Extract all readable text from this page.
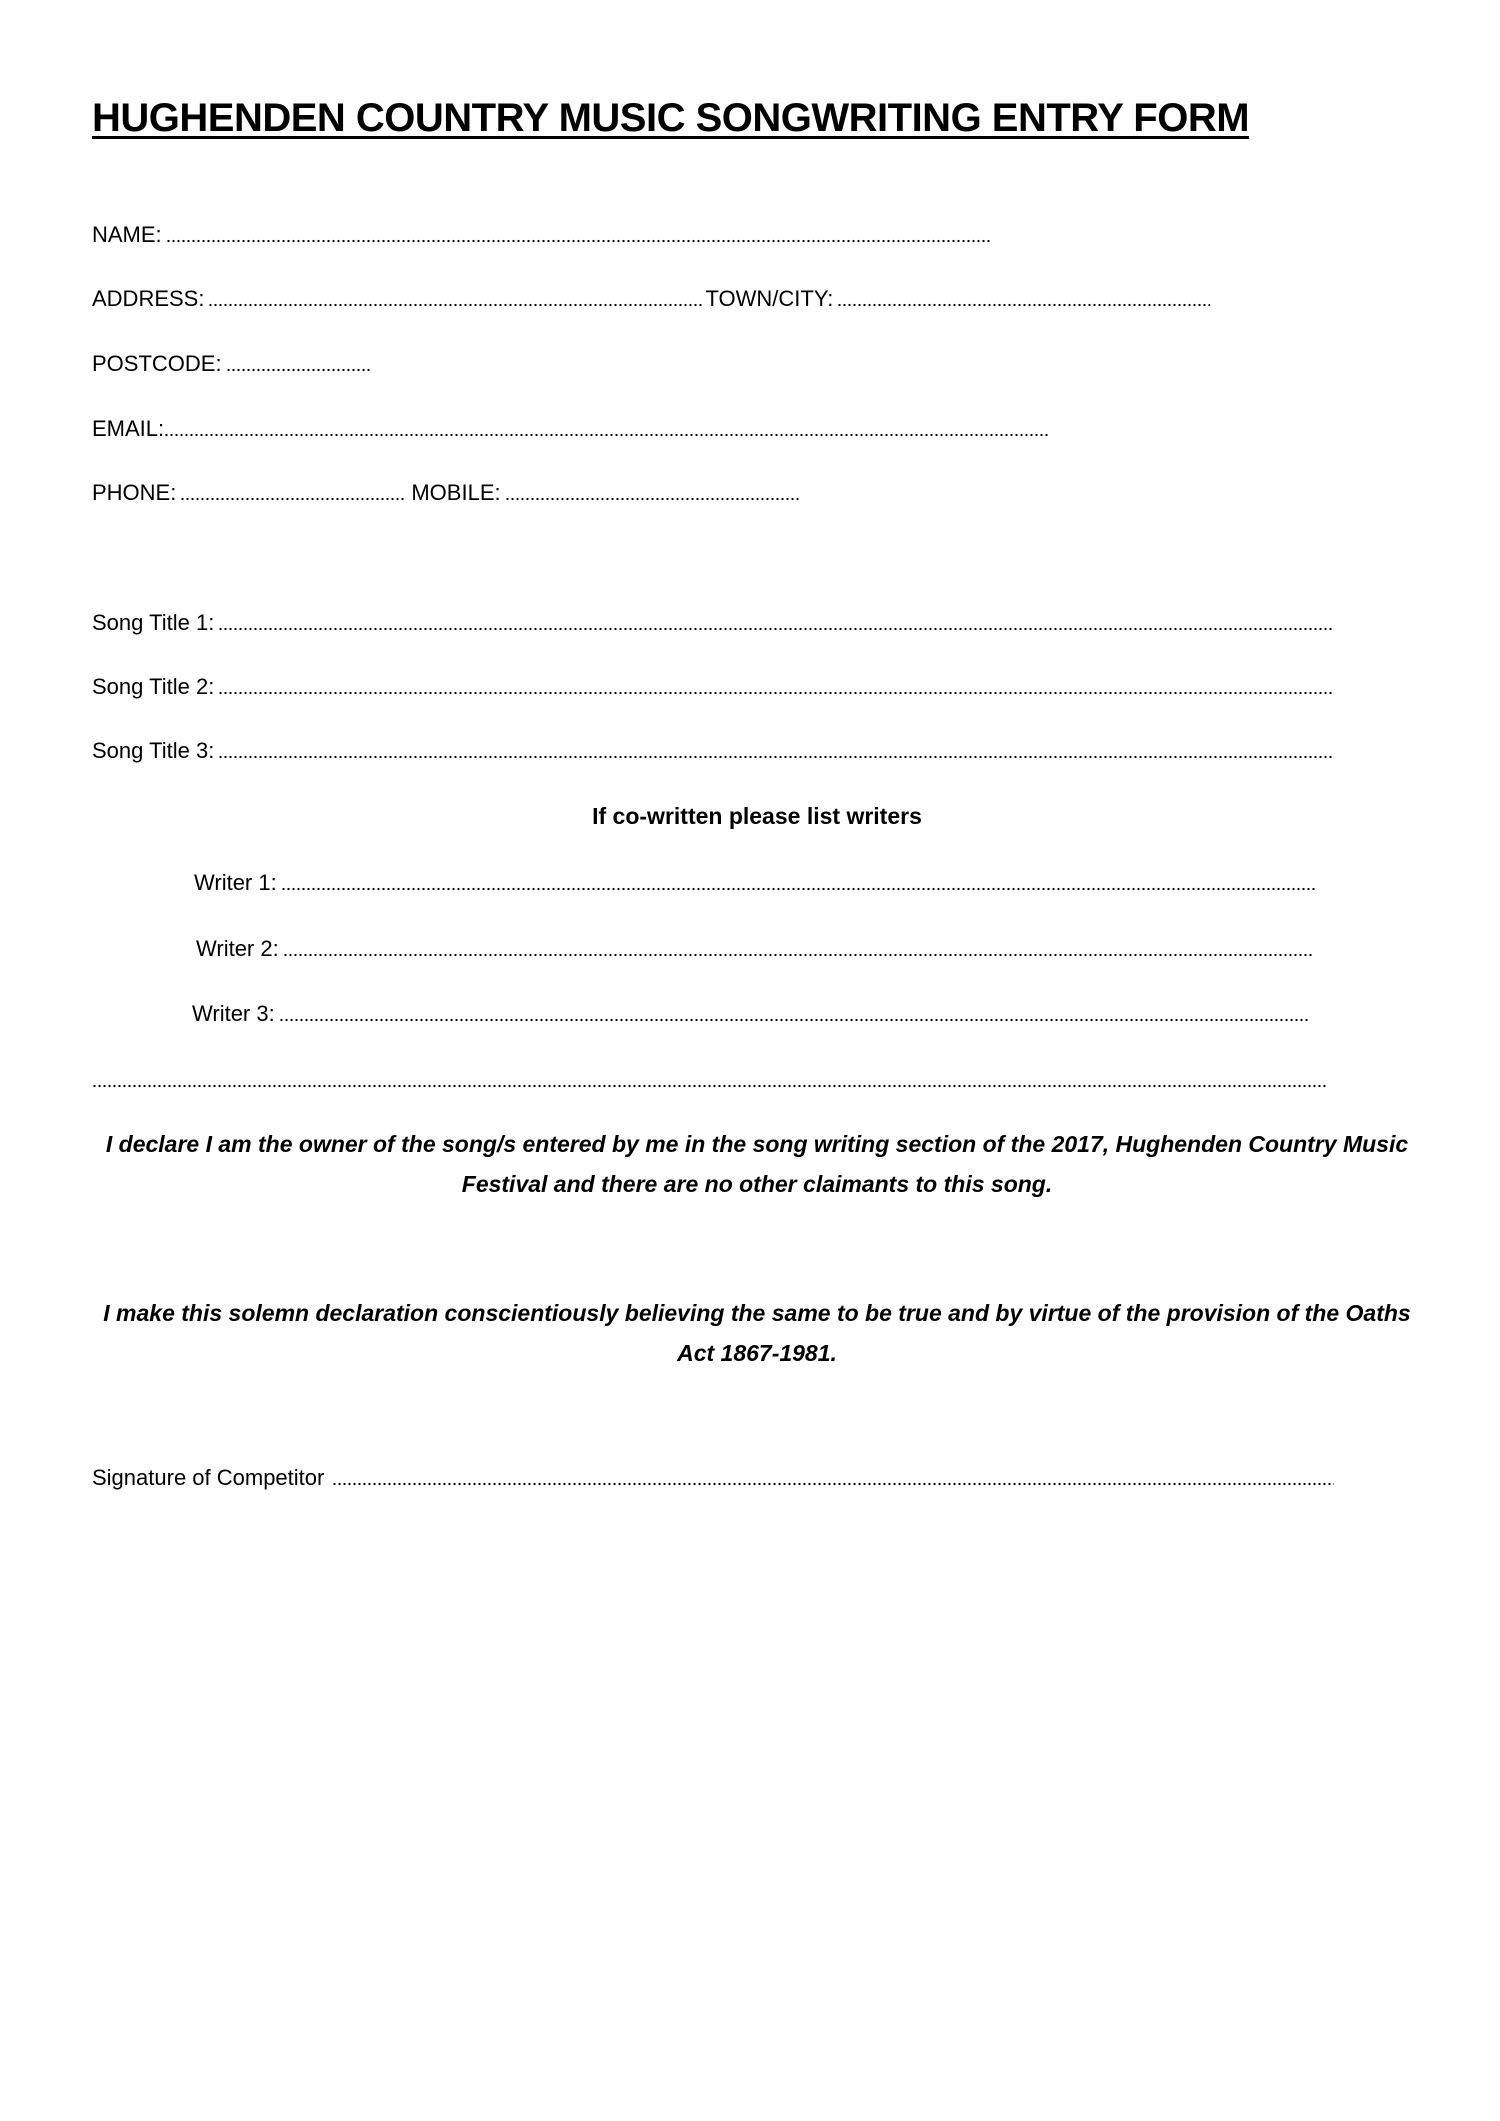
HUGHENDEN COUNTRY MUSIC SONGWRITING ENTRY FORM
NAME:
ADDRESS:	TOWN/CITY:
POSTCODE:
EMAIL:
PHONE:	MOBILE:
Song Title 1:
Song Title 2:
Song Title 3:
If co-written please list writers
Writer 1:
Writer 2:
Writer 3:
I declare I am the owner of the song/s entered by me in the song writing section of the 2017, Hughenden Country Music Festival and there are no other claimants to this song.
I make this solemn declaration conscientiously believing the same to be true and by virtue of the provision of the Oaths Act 1867-1981.
Signature of Competitor
